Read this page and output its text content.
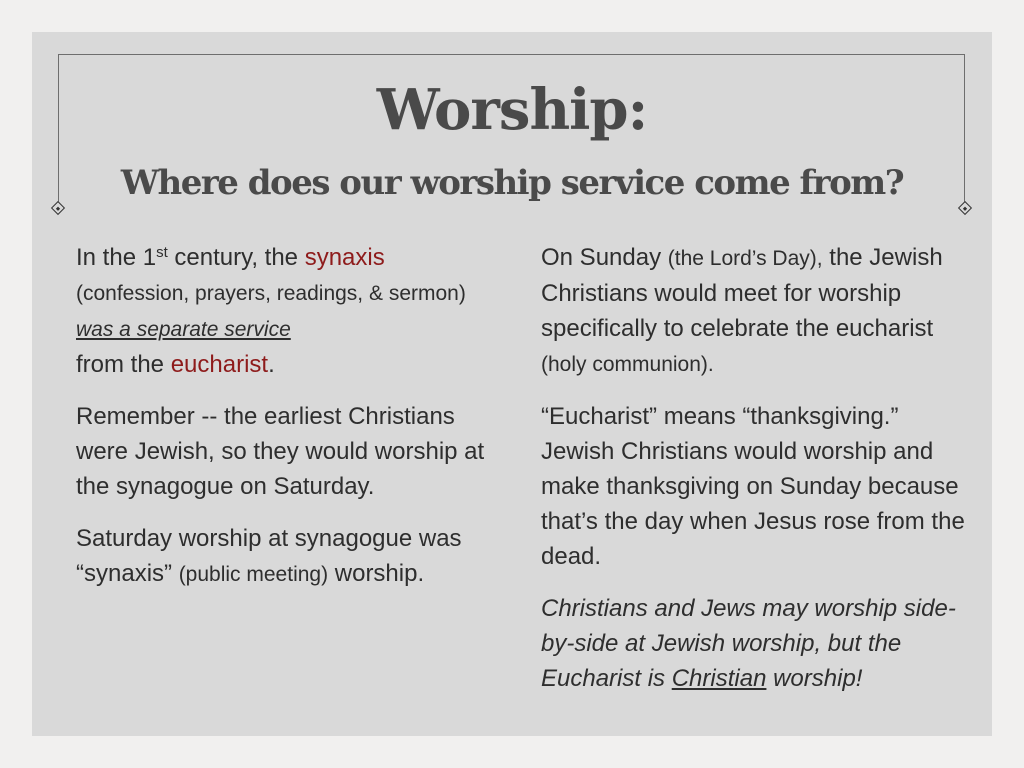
Worship:
Where does our worship service come from?

In the 1st century, the synaxis
(confession, prayers, readings, & sermon) was a separate service
from the eucharist.

Remember -- the earliest Christians were Jewish, so they would worship at the synagogue on Saturday.

Saturday worship at synagogue was “synaxis” (public meeting) worship.

On Sunday (the Lord’s Day), the Jewish Christians would meet for worship specifically to celebrate the eucharist (holy communion).

“Eucharist” means “thanksgiving.” Jewish Christians would worship and make thanksgiving on Sunday because that’s the day when Jesus rose from the dead.

Christians and Jews may worship side-by-side at Jewish worship, but the Eucharist is Christian worship!
